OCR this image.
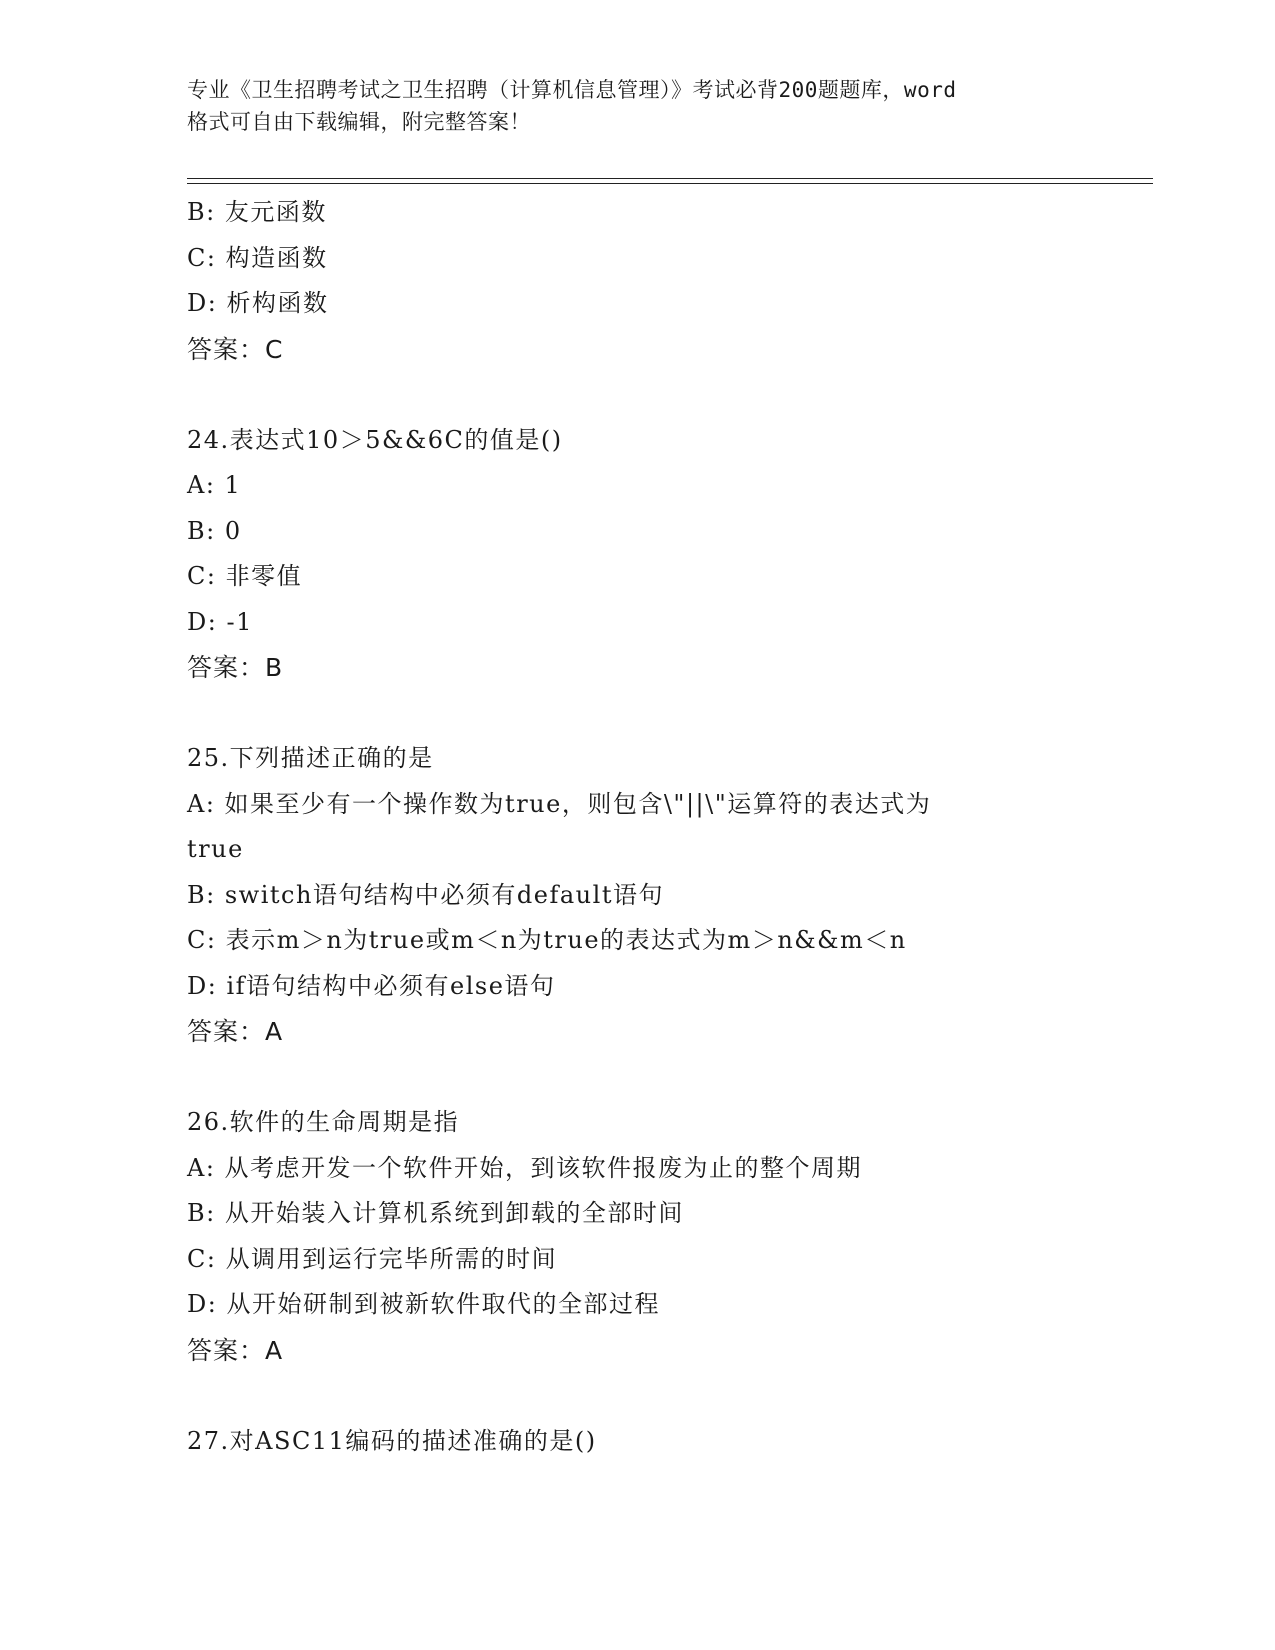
专业《卫生招聘考试之卫生招聘（计算机信息管理）》考试必背200题题库，word
格式可自由下载编辑，附完整答案！
B: 友元函数
C: 构造函数
D: 析构函数
答案：C
24.表达式10＞5&&6C的值是()
A: 1
B: 0
C: 非零值
D: -1
答案：B
25.下列描述正确的是
A: 如果至少有一个操作数为true，则包含\"||\"运算符的表达式为
true
B: switch语句结构中必须有default语句
C: 表示m＞n为true或m＜n为true的表达式为m＞n&&m＜n
D: if语句结构中必须有else语句
答案：A
26.软件的生命周期是指
A: 从考虑开发一个软件开始，到该软件报废为止的整个周期
B: 从开始装入计算机系统到卸载的全部时间
C: 从调用到运行完毕所需的时间
D: 从开始研制到被新软件取代的全部过程
答案：A
27.对ASC11编码的描述准确的是()
